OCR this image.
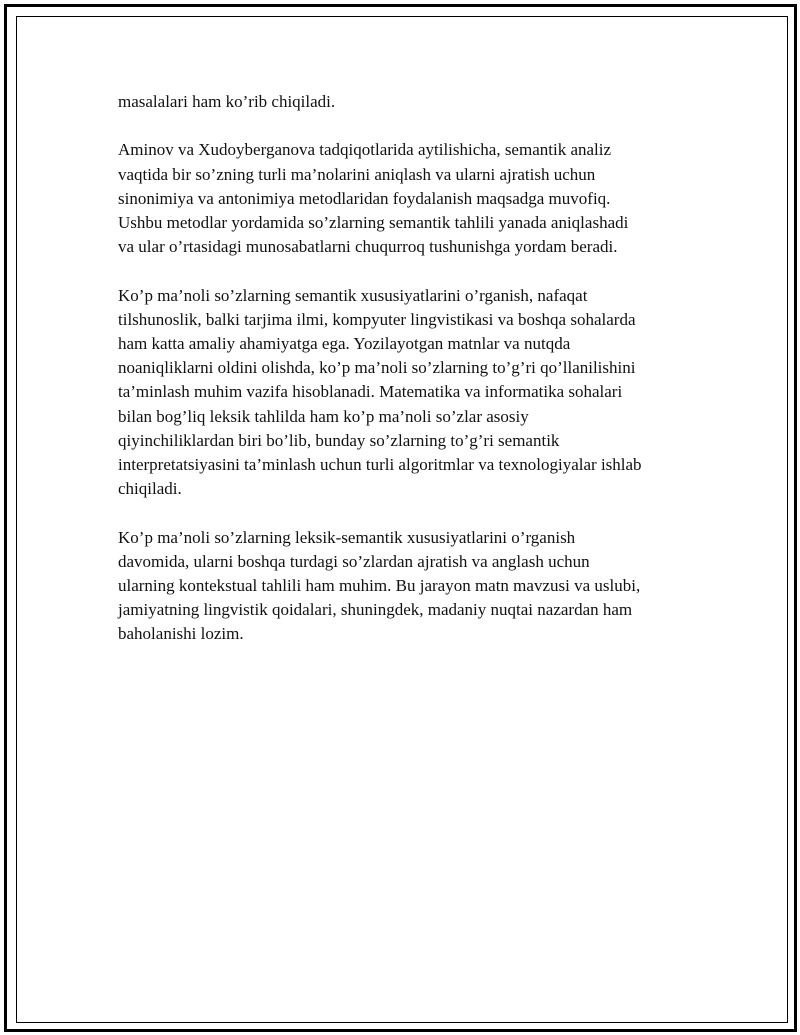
masalalari ham ko’rib chiqiladi.

Aminov va Xudoyberganova tadqiqotlarida aytilishicha, semantik analiz
vaqtida bir so’zning turli ma’nolarini aniqlash va ularni ajratish uchun
sinonimiya va antonimiya metodlaridan foydalanish maqsadga muvofiq.
Ushbu metodlar yordamida so’zlarning semantik tahlili yanada aniqlashadi
va ular o’rtasidagi munosabatlarni chuqurroq tushunishga yordam beradi.

Ko’p ma’noli so’zlarning semantik xususiyatlarini o’rganish, nafaqat
tilshunoslik, balki tarjima ilmi, kompyuter lingvistikasi va boshqa sohalarda
ham katta amaliy ahamiyatga ega. Yozilayotgan matnlar va nutqda
noaniqliklarni oldini olishda, ko’p ma’noli so’zlarning to’g’ri qo’llanilishini
ta’minlash muhim vazifa hisoblanadi. Matematika va informatika sohalari
bilan bog’liq leksik tahlilda ham ko’p ma’noli so’zlar asosiy
qiyinchiliklardan biri bo’lib, bunday so’zlarning to’g’ri semantik
interpretatsiyasini ta’minlash uchun turli algoritmlar va texnologiyalar ishlab
chiqiladi.

Ko’p ma’noli so’zlarning leksik-semantik xususiyatlarini o’rganish
davomida, ularni boshqa turdagi so’zlardan ajratish va anglash uchun
ularning kontekstual tahlili ham muhim. Bu jarayon matn mavzusi va uslubi,
jamiyatning lingvistik qoidalari, shuningdek, madaniy nuqtai nazardan ham
baholanishi lozim.
